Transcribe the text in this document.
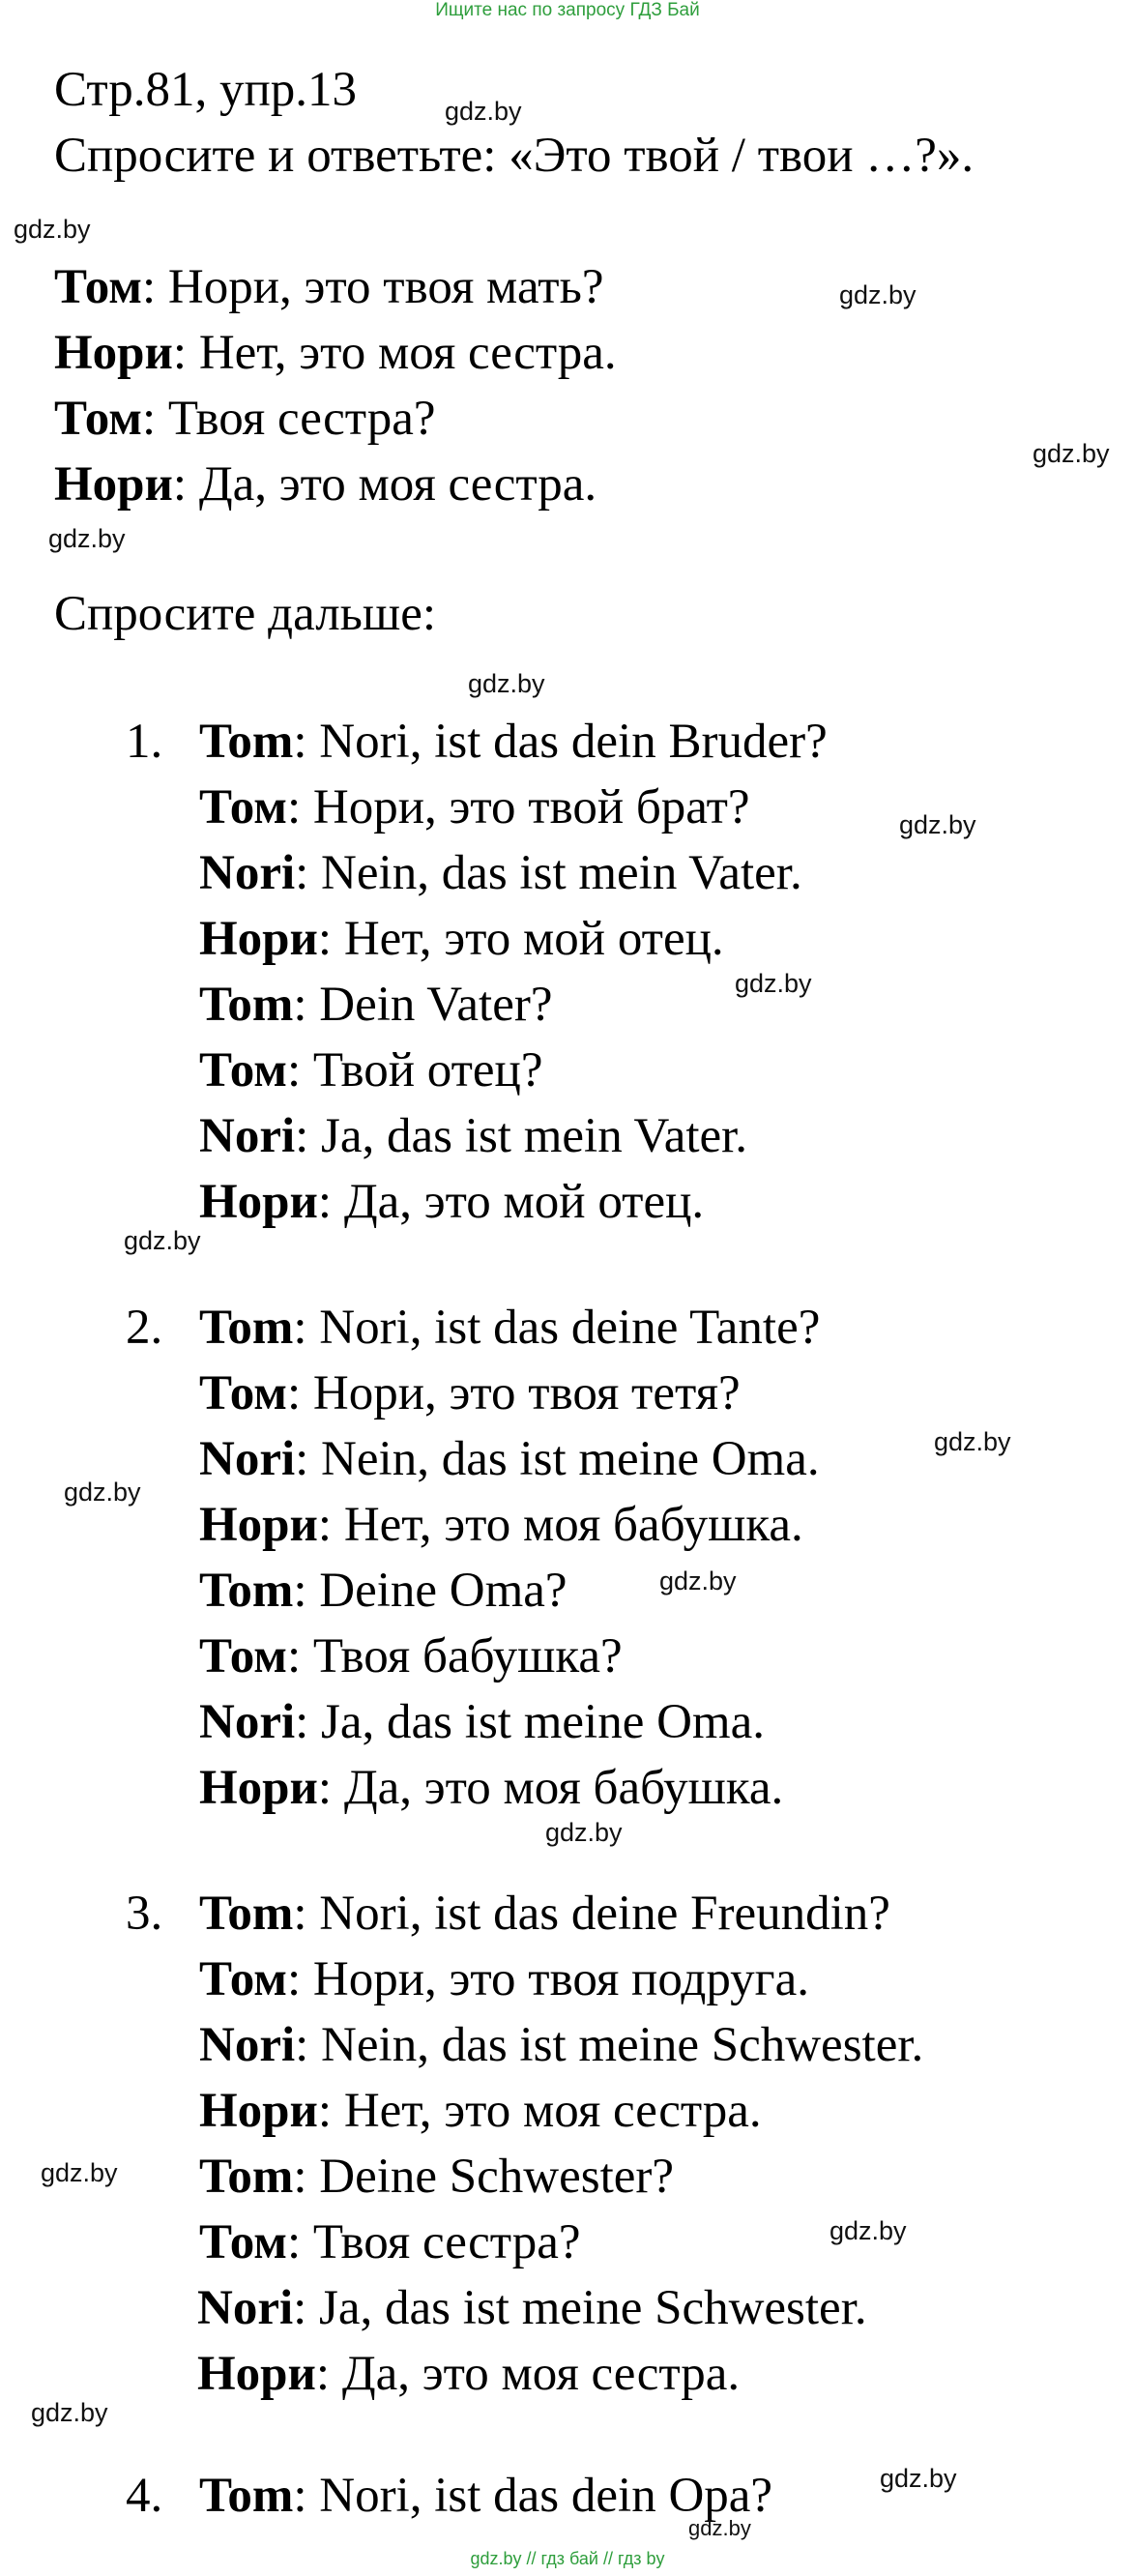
Ищите нас по запросу ГДЗ Бай
Стр.81, упр.13
Спросите и ответьте: «Это твой / твои …?».
Том: Нори, это твоя мать?
Нори: Нет, это моя сестра.
Том: Твоя сестра?
Нори: Да, это моя сестра.
Спросите дальше:
1. Tom: Nori, ist das dein Bruder?
Том: Нори, это твой брат?
Nori: Nein, das ist mein Vater.
Нори: Нет, это мой отец.
Tom: Dein Vater?
Том: Твой отец?
Nori: Ja, das ist mein Vater.
Нори: Да, это мой отец.
2. Tom: Nori, ist das deine Tante?
Том: Нори, это твоя тетя?
Nori: Nein, das ist meine Oma.
Нори: Нет, это моя бабушка.
Tom: Deine Oma?
Том: Твоя бабушка?
Nori: Ja, das ist meine Oma.
Нори: Да, это моя бабушка.
3. Tom: Nori, ist das deine Freundin?
Том: Нори, это твоя подруга.
Nori: Nein, das ist meine Schwester.
Нори: Нет, это моя сестра.
Tom: Deine Schwester?
Том: Твоя сестра?
Nori: Ja, das ist meine Schwester.
Нори: Да, это моя сестра.
4. Tom: Nori, ist das dein Opa?
gdz.by
gdz.by
gdz.by
gdz.by
gdz.by
gdz.by
gdz.by
gdz.by
gdz.by
gdz.by
gdz.by
gdz.by
gdz.by
gdz.by
gdz.by
gdz.by
gdz.by
gdz.by
gdz.by // гдз бай // гдз by
